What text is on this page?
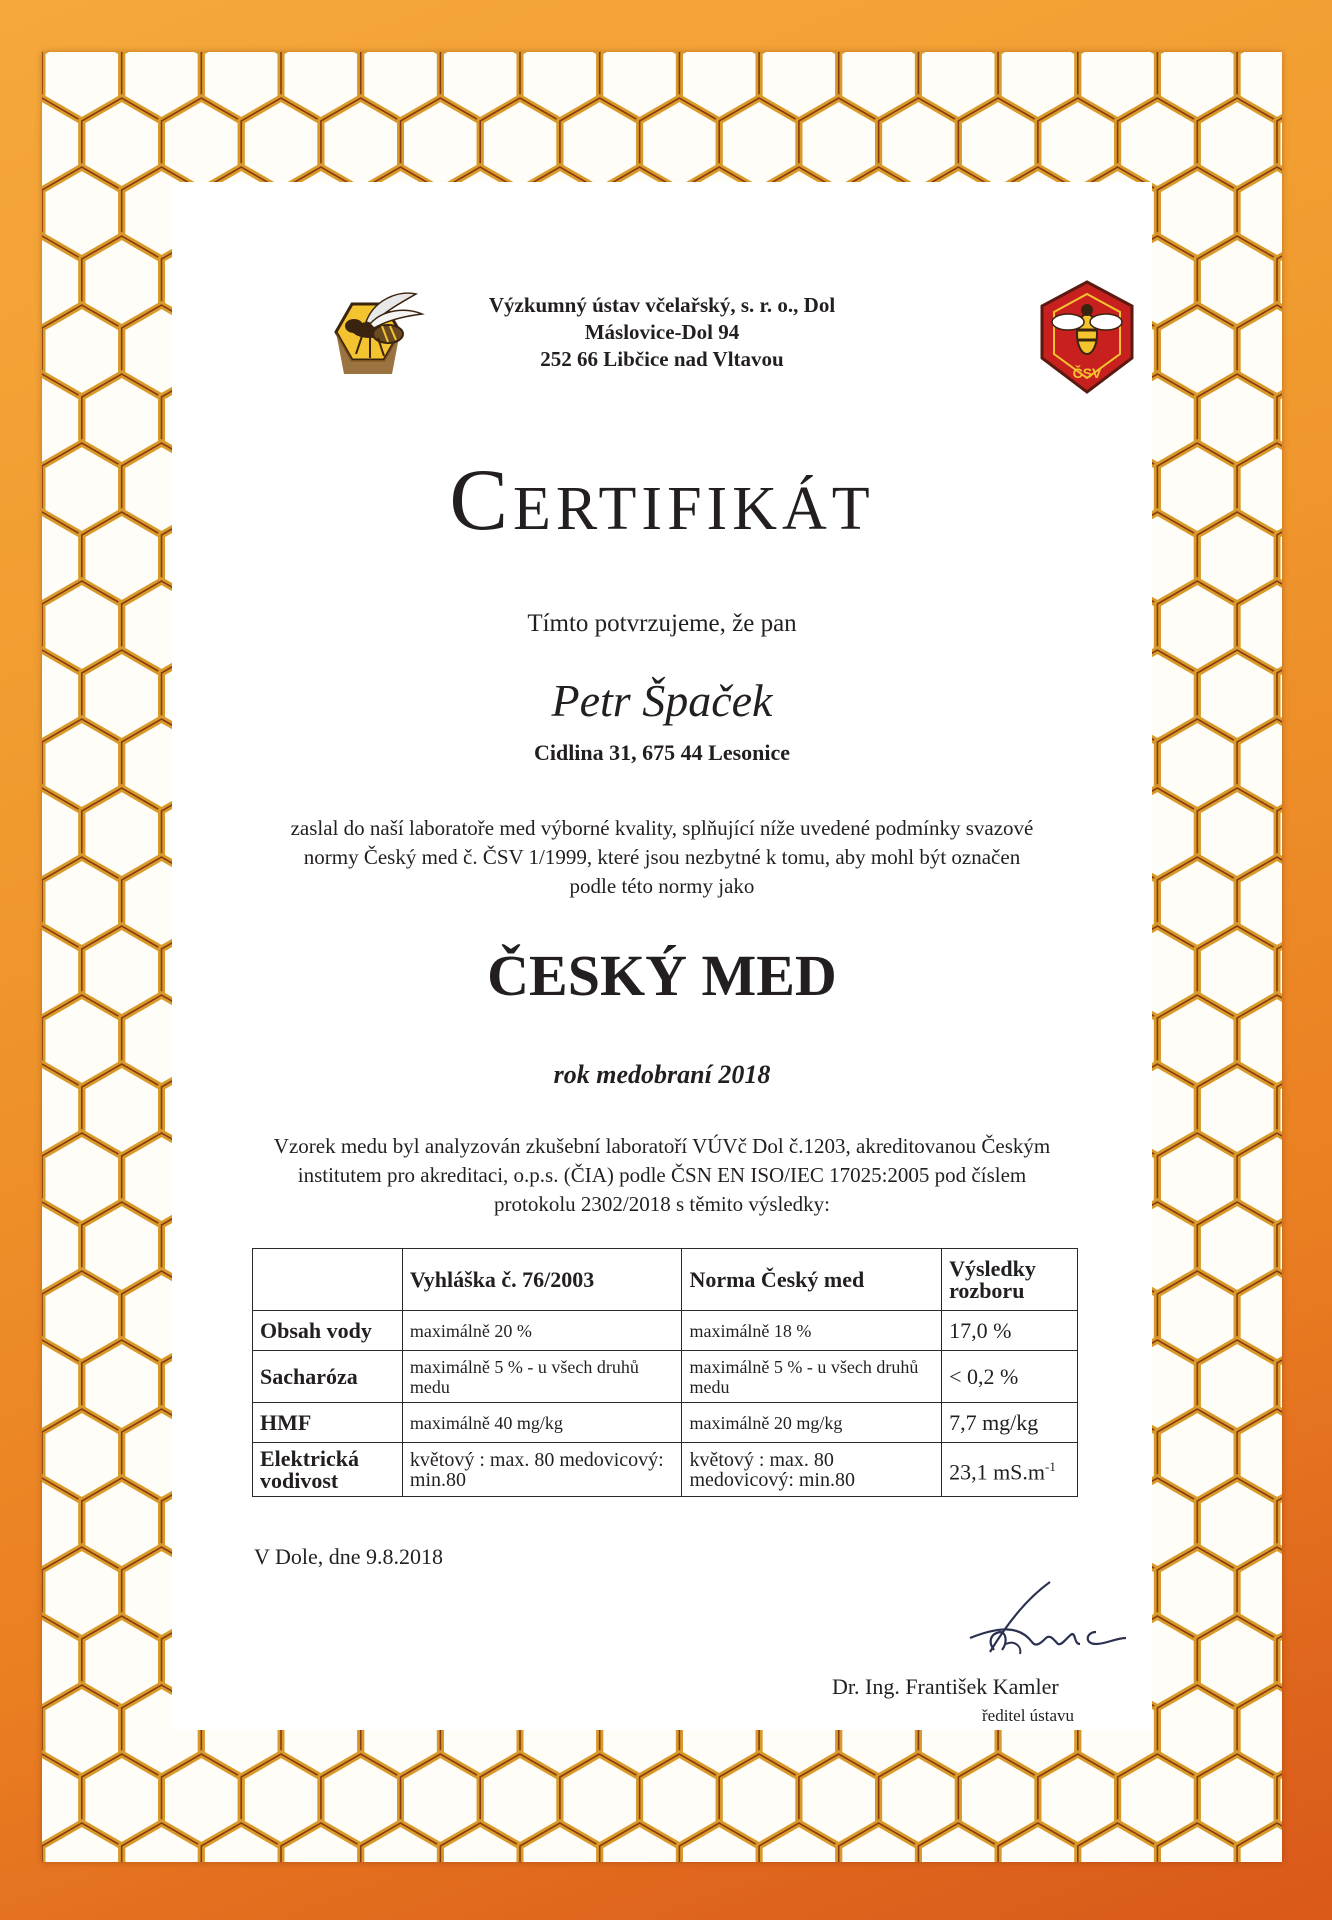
Výzkumný ústav včelařský, s. r. o., Dol
Máslovice-Dol 94
252 66 Libčice nad Vltavou
ČSV
Certifikát
Tímto potvrzujeme, že pan
Petr Špaček
Cidlina 31, 675 44 Lesonice
zaslal do naší laboratoře med výborné kvality, splňující níže uvedené podmínky svazové normy Český med č. ČSV 1/1999, které jsou nezbytné k tomu, aby mohl být označen podle této normy jako
ČESKÝ MED
rok medobraní 2018
Vzorek medu byl analyzován zkušební laboratoří VÚVč Dol č.1203, akreditovanou Českým institutem pro akreditaci, o.p.s. (ČIA) podle ČSN EN ISO/IEC 17025:2005 pod číslem protokolu 2302/2018 s těmito výsledky:
	Vyhláška č. 76/2003	Norma Český med	Výsledky rozboru
Obsah vody	maximálně 20 %	maximálně 18 %	17,0 %
Sacharóza	maximálně 5 % - u všech druhů medu	maximálně 5 % - u všech druhů medu	< 0,2 %
HMF	maximálně 40 mg/kg	maximálně 20 mg/kg	7,7 mg/kg
Elektrická vodivost	květový : max. 80 medovicový: min.80	květový : max. 80 medovicový: min.80	23,1 $mS.m^{-1}$
V Dole, dne 9.8.2018
Dr. Ing. František Kamler
ředitel ústavu
